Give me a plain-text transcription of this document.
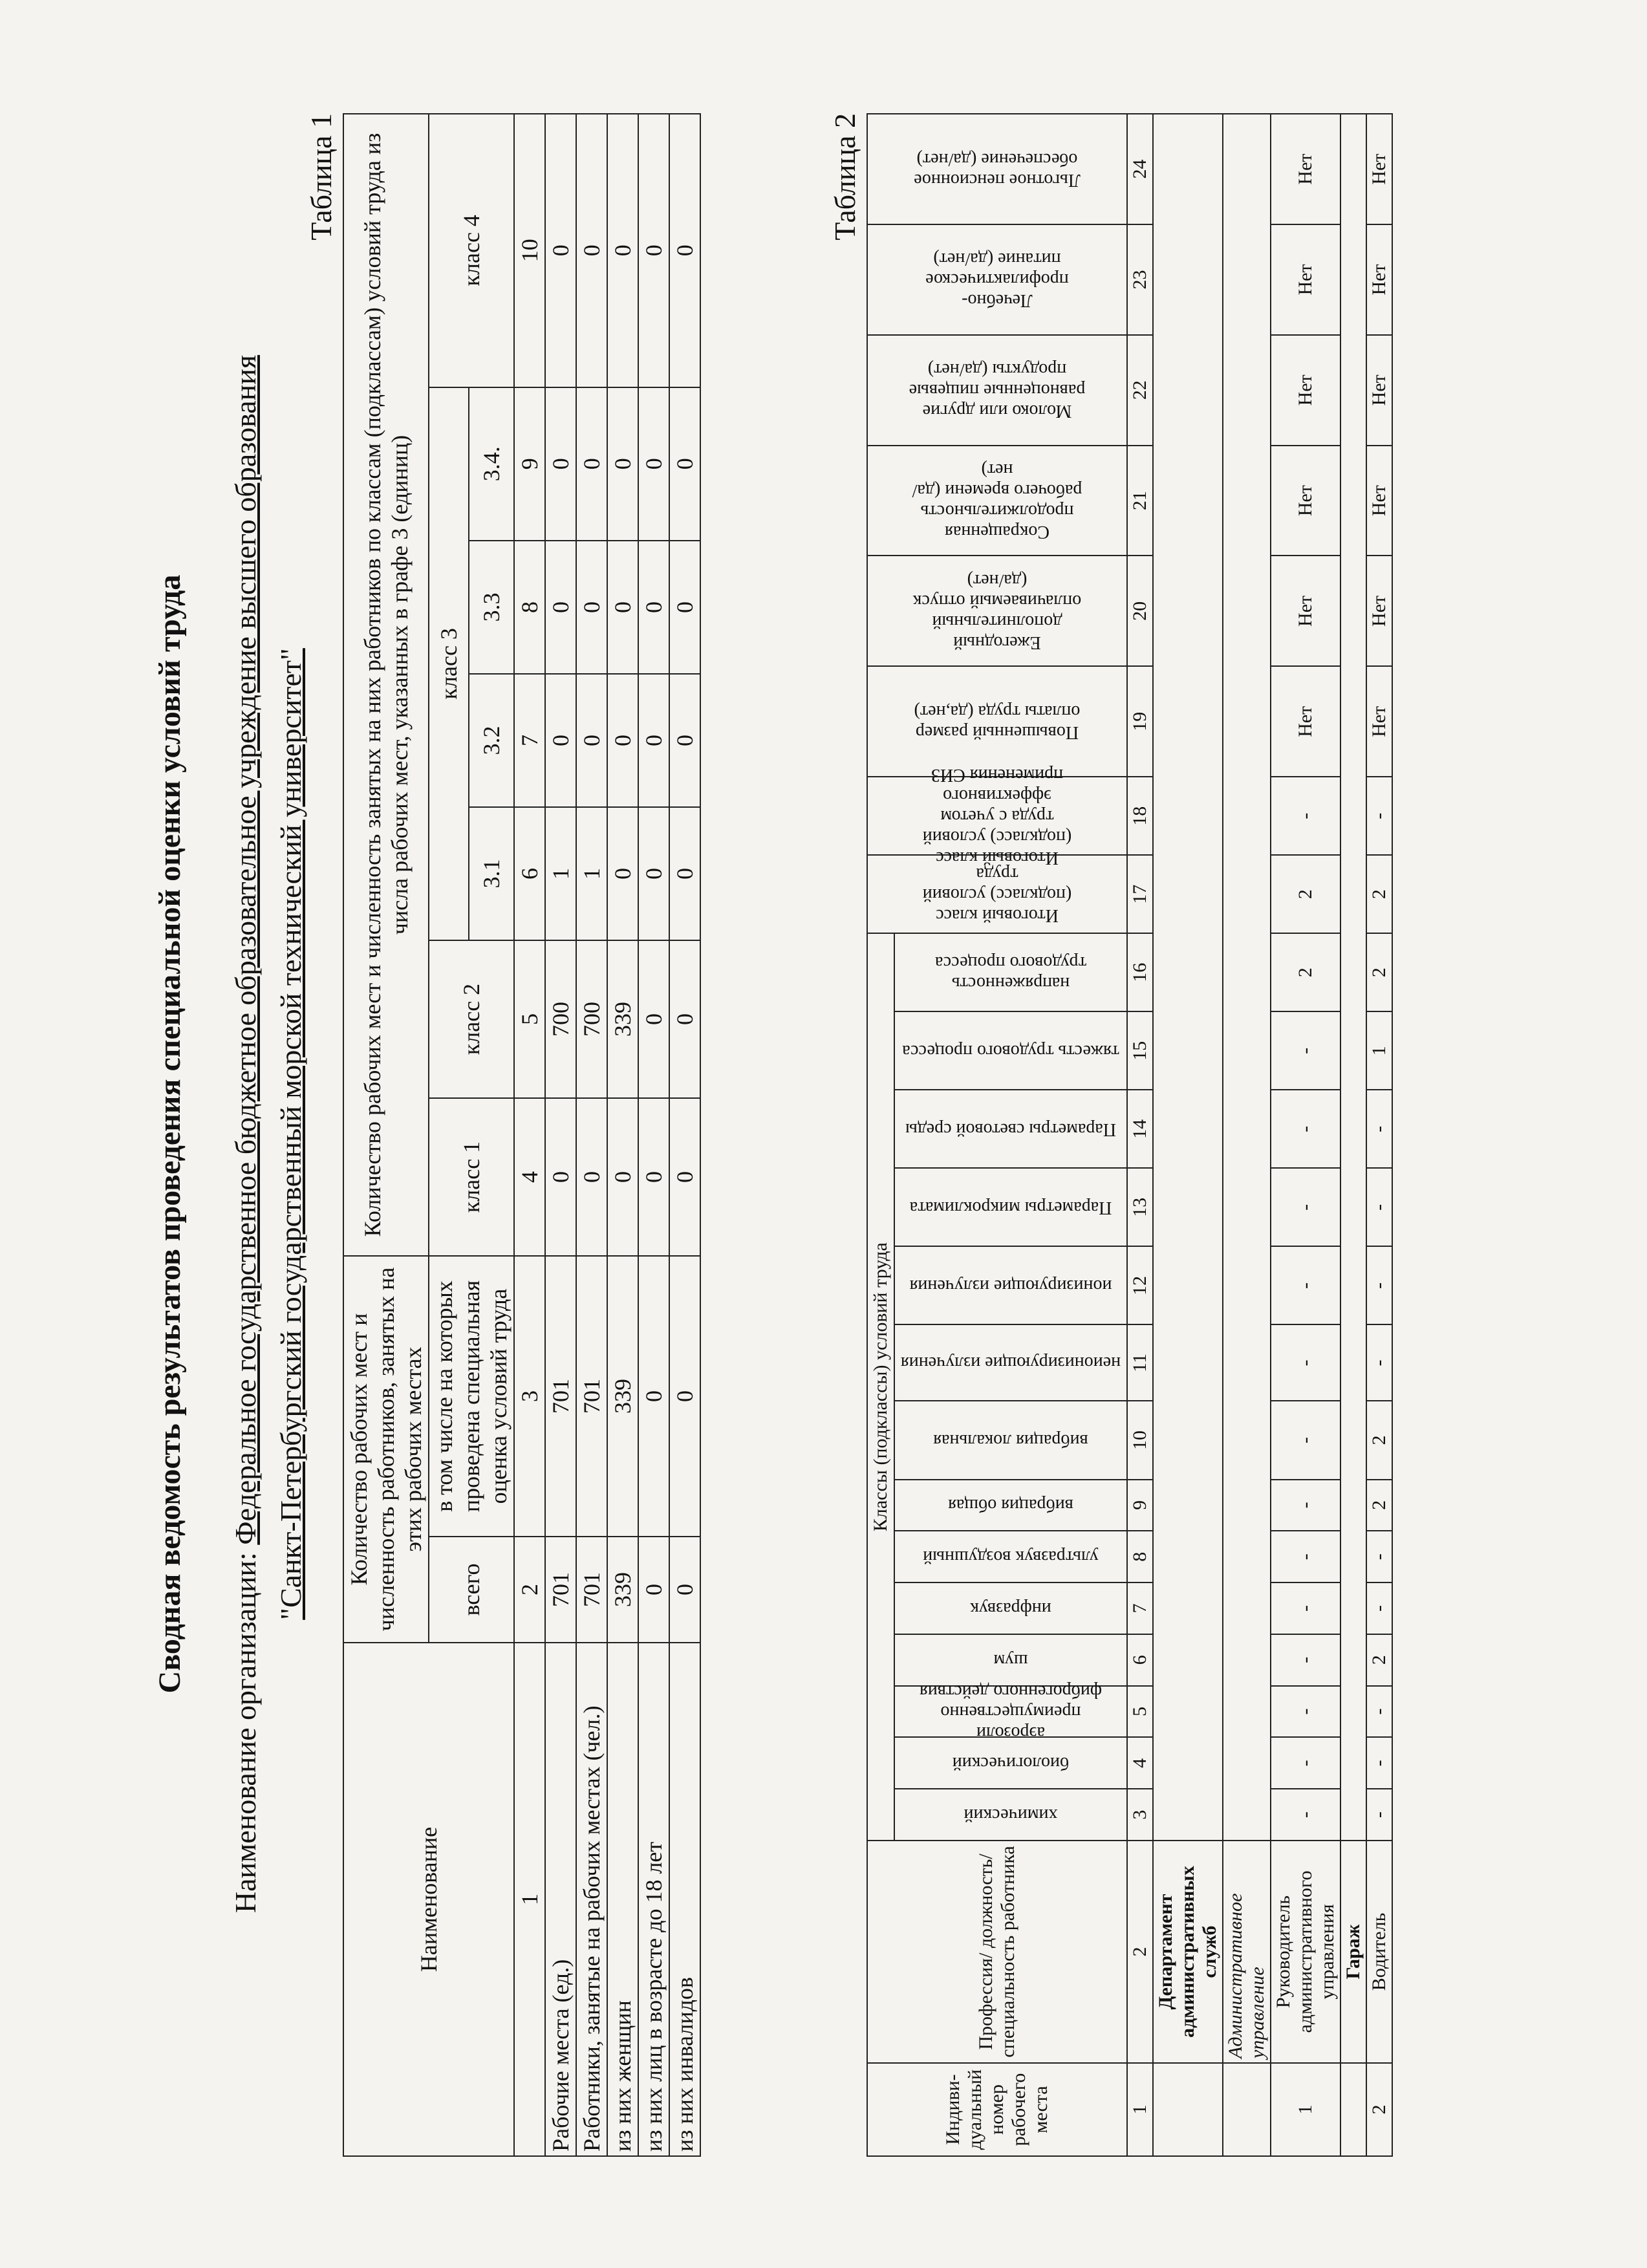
Сводная ведомость результатов проведения специальной оценки условий труда
Наименование организации: Федеральное государственное бюджетное образовательное учреждение высшего образования "Санкт-Петербургский государственный морской технический университет"
Таблица 1
Наименование	Количество рабочих мест и численность работников, занятых на этих рабочих местах		Количество рабочих мест и численность занятых на них работников по классам (подклассам) условий труда из числа рабочих мест, указанных в графе 3 (единиц)						
	всего	в том числе на которых проведена специальная оценка условий труда	класс 1	класс 2	класс 3				класс 4
					3.1	3.2	3.3	3.4.	
1	2	3	4	5	6	7	8	9	10
Рабочие места (ед.)	701	701	0	700	1	0	0	0	0
Работники, занятые на рабочих местах (чел.)	701	701	0	700	1	0	0	0	0
из них женщин	339	339	0	339	0	0	0	0	0
из них лиц в возрасте до 18 лет	0	0	0	0	0	0	0	0	0
из них инвалидов	0	0	0	0	0	0	0	0	0
Таблица 2
Индиви-дуальный номер рабочего места	Профессия/ должность/ специальность работника	Классы (подклассы) условий труда														Итоговый класс (подкласс) условий труда	Итоговый класс (подкласс) условий труда с учетом эффективного применения СИЗ	Повышенный размер оплаты труда (да,нет)	Ежегодный дополнительный оплачиваемый отпуск (да/нет)	Сокращенная продолжительность рабочего времени (да/нет)	Молоко или другие равноценные пищевые продукты (да/нет)	Лечебно-профилактическое питание (да/нет)	Льготное пенсионное обеспечение (да/нет)

		химический	биологический	аэрозоли преимущественно фиброгенного действия	шум	инфразвук	ультразвук воздушный	вибрация общая	вибрация локальная	неионизирующие излучения	ионизирующие излучения	Параметры микроклимата	Параметры световой среды	тяжесть трудового процесса	напряженность трудового процесса								

1	2	3	4	5	6	7	8	9	10	11	12	13	14	15	16	17	18	19	20	21	22	23	24
	Департамент административных служб																						
	Административное управление																						
1	Руководитель административного управления	-	-	-	-	-	-	-	-	-	-	-	-	-	2	2	-	Нет	Нет	Нет	Нет	Нет	Нет
	Гараж																						
2	Водитель	-	-	-	2	-	-	2	2	-	-	-	-	1	2	2	-	Нет	Нет	Нет	Нет	Нет	Нет
